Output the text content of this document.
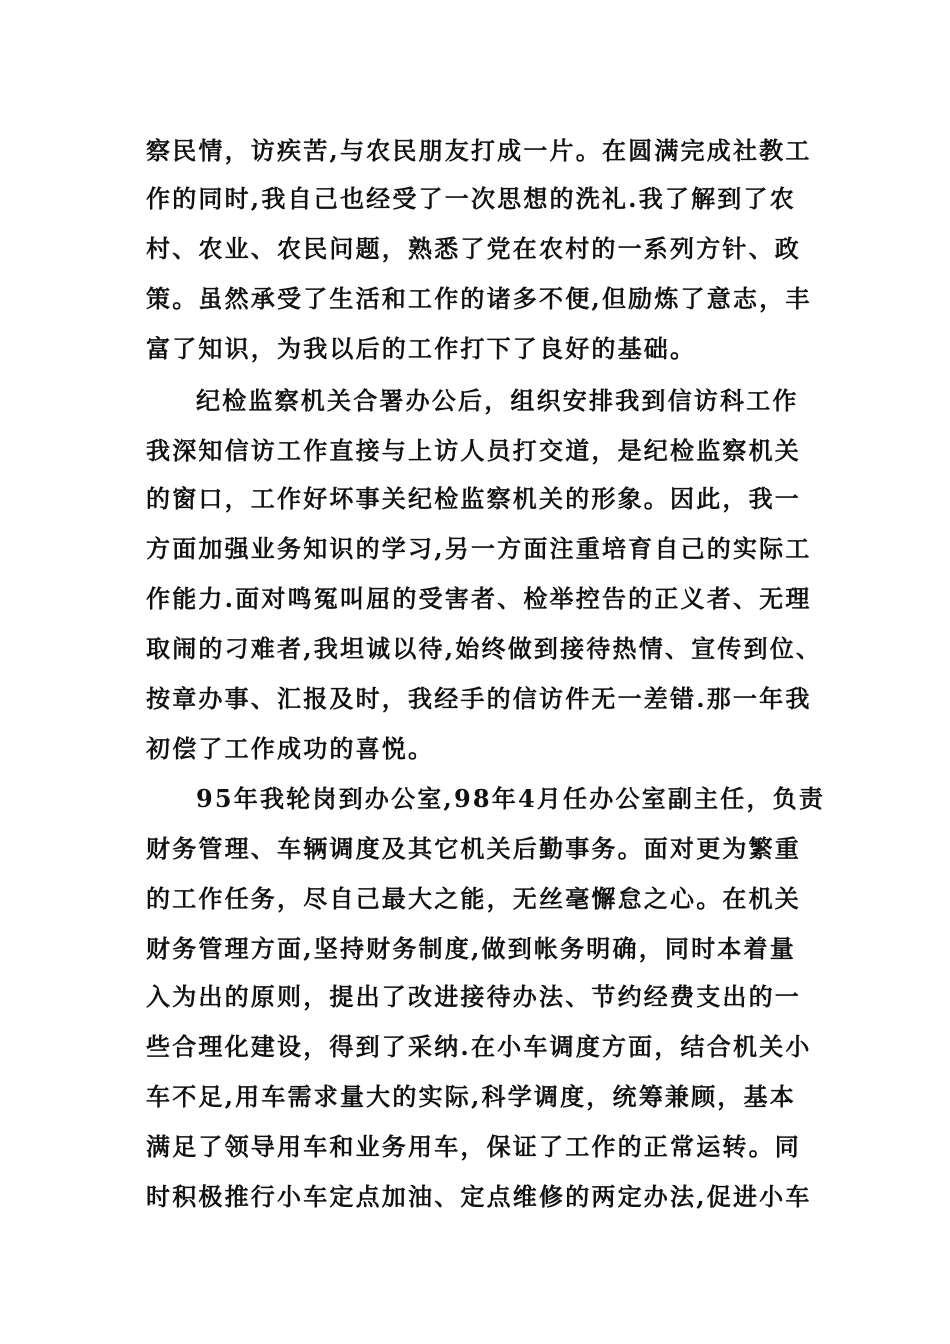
察民情，访疾苦,与农民朋友打成一片。在圆满完成社教工
作的同时,我自己也经受了一次思想的洗礼.我了解到了农
村、农业、农民问题，熟悉了党在农村的一系列方针、政
策。虽然承受了生活和工作的诸多不便,但励炼了意志，丰
富了知识，为我以后的工作打下了良好的基础。
纪检监察机关合署办公后，组织安排我到信访科工作
我深知信访工作直接与上访人员打交道，是纪检监察机关
的窗口，工作好坏事关纪检监察机关的形象。因此，我一
方面加强业务知识的学习,另一方面注重培育自己的实际工
作能力.面对鸣冤叫屈的受害者、检举控告的正义者、无理
取闹的刁难者,我坦诚以待,始终做到接待热情、宣传到位、
按章办事、汇报及时，我经手的信访件无一差错.那一年我
初偿了工作成功的喜悦。
95年我轮岗到办公室,98年4月任办公室副主任，负责
财务管理、车辆调度及其它机关后勤事务。面对更为繁重
的工作任务，尽自己最大之能，无丝毫懈怠之心。在机关
财务管理方面,坚持财务制度,做到帐务明确，同时本着量
入为出的原则，提出了改进接待办法、节约经费支出的一
些合理化建设，得到了采纳.在小车调度方面，结合机关小
车不足,用车需求量大的实际,科学调度，统筹兼顾，基本
满足了领导用车和业务用车，保证了工作的正常运转。同
时积极推行小车定点加油、定点维修的两定办法,促进小车
